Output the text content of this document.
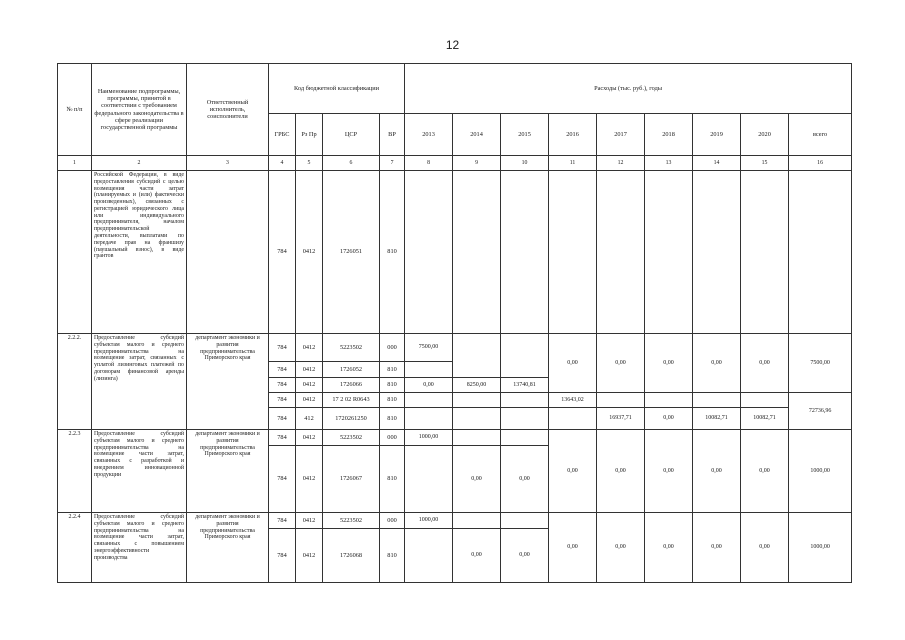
12
№ п/п	Наименование подпрограммы, программы, принятой в соответствии с требованием федерального законодательства в сфере реализации государственной программы	Ответственный исполнитель, соисполнители	Код бюджетной классификации				Расходы (тыс. руб.), годы								
			ГРБС	Рз Пр	ЦСР	ВР	2013	2014	2015	2016	2017	2018	2019	2020	всего
1	2	3	4	5	6	7	8	9	10	11	12	13	14	15	16
	Российской Федерации, в виде предоставления субсидий с целью возмещения части затрат (планируемых и (или) фактически произведенных), связанных с регистрацией юридического лица или индивидуального предпринимателя, началом предпринимательской деятельности, выплатами по передаче прав на франшизу (паушальный взнос), в виде грантов		784	0412	1726051	810									
2.2.2.	Предоставление субсидий субъектам малого и среднего предпринимательства на возмещение затрат, связанных с уплатой лизинговых платежей по договорам финансовой аренды (лизинга)	департамент экономики и развития предпринимательства Приморского края	784	0412	5223502	000	7500,00			0,00	0,00	0,00	0,00	0,00	7500,00
			784	0412	1726052	810									
			784	0412	1726066	810	0,00	8250,00	13740,81						
			784	0412	17 2 02 R0643	810				13643,02					72736,96
			784	412	1720261250	810					16937,71	0,00	10082,71	10082,71	
2.2.3	Предоставление субсидий субъектам малого и среднего предпринимательства на возмещение части затрат, связанных с разработкой и внедрением инновационной продукции	департамент экономики и развития предпринимательства Приморского края	784	0412	5223502	000	1000,00			0,00	0,00	0,00	0,00	0,00	1000,00
			784	0412	1726067	810		0,00	0,00						
2.2.4	Предоставление субсидий субъектам малого и среднего предпринимательства на возмещение части затрат, связанных с повышением энергоэффективности производства	департамент экономики и развития предпринимательства Приморского края	784	0412	5223502	000	1000,00			0,00	0,00	0,00	0,00	0,00	1000,00
			784	0412	1726068	810		0,00	0,00						
